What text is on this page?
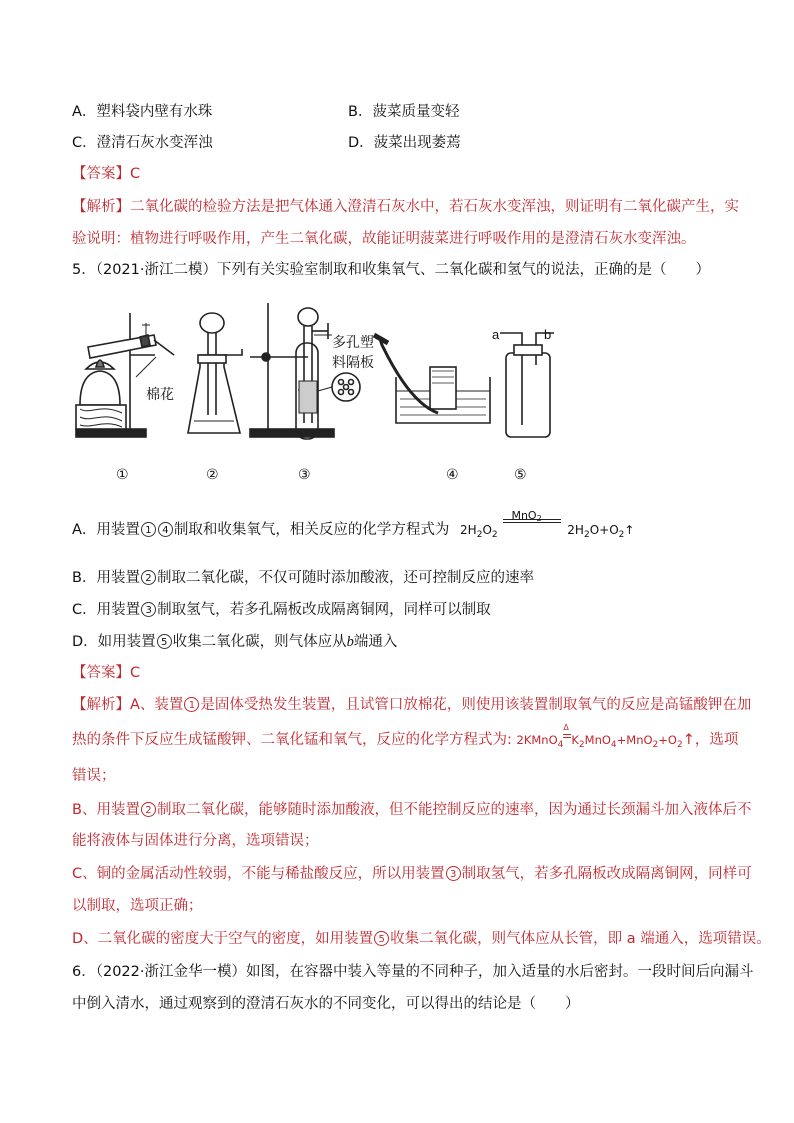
A．塑料袋内壁有水珠	B．菠菜质量变轻
C．澄清石灰水变浑浊	D．菠菜出现萎蔫
【答案】C
【解析】二氧化碳的检验方法是把气体通入澄清石灰水中，若石灰水变浑浊，则证明有二氧化碳产生，实
验说明：植物进行呼吸作用，产生二氧化碳，故能证明菠菜进行呼吸作用的是澄清石灰水变浑浊。
5．（2021·浙江二模）下列有关实验室制取和收集氧气、二氧化碳和氢气的说法，正确的是（　　）
棉花
多孔塑
料隔板
a	b
①	②	③	④	⑤
A．用装置 1 4 制取和收集氧气，相关反应的化学方程式为 $2H_2O_2$
MnO2
$2H_2O+O_2↑$
B．用装置 2 制取二氧化碳，不仅可随时添加酸液，还可控制反应的速率
C．用装置 3 制取氢气，若多孔隔板改成隔离铜网，同样可以制取
D．如用装置 5 收集二氧化碳，则气体应从b端通入
【答案】C
【解析】A、装置 1 是固体受热发生装置，且试管口放棉花，则使用该装置制取氧气的反应是高锰酸钾在加
热的条件下反应生成锰酸钾、二氧化锰和氧气，反应的化学方程式为: 2KMnO$_4$
Δ
$K_2MnO_4+MnO_2+O_2↑$，选项
错误；
B、用装置 2 制取二氧化碳，能够随时添加酸液，但不能控制反应的速率，因为通过长颈漏斗加入液体后不
能将液体与固体进行分离，选项错误；
C、铜的金属活动性较弱，不能与稀盐酸反应，所以用装置 3 制取氢气，若多孔隔板改成隔离铜网，同样可
以制取，选项正确；
D、二氧化碳的密度大于空气的密度，如用装置 5 收集二氧化碳，则气体应从长管，即 a 端通入，选项错误。
6．（2022·浙江金华一模）如图，在容器中装入等量的不同种子，加入适量的水后密封。一段时间后向漏斗
中倒入清水，通过观察到的澄清石灰水的不同变化，可以得出的结论是（　　）
